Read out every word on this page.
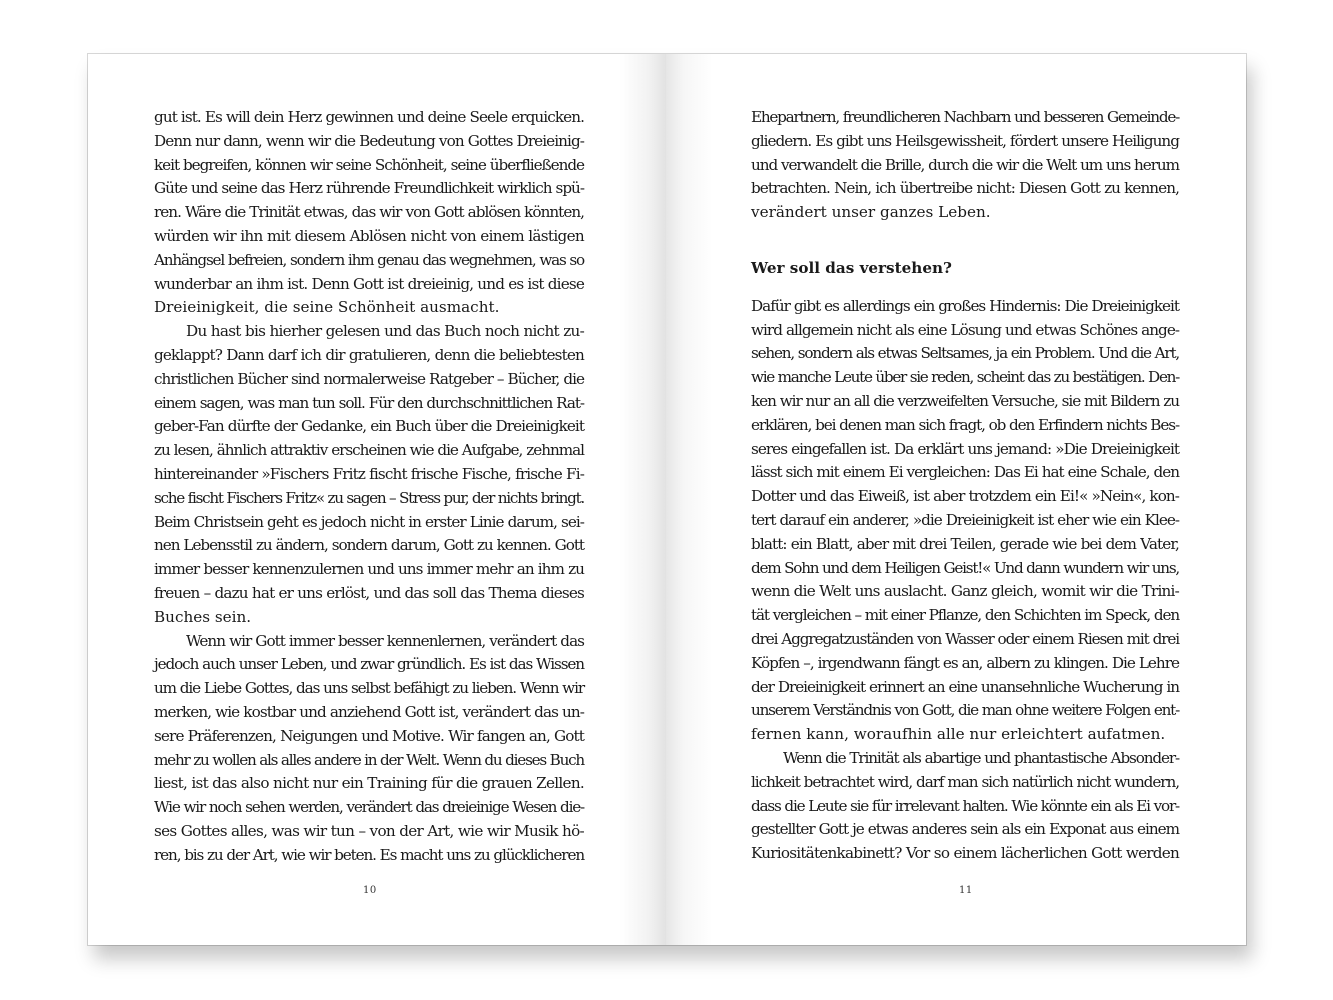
gut ist. Es will dein Herz gewinnen und deine Seele erquicken.
Denn nur dann, wenn wir die Bedeutung von Gottes Dreieinig-
keit begreifen, können wir seine Schönheit, seine überfließende
Güte und seine das Herz rührende Freundlichkeit wirklich spü-
ren. Wäre die Trinität etwas, das wir von Gott ablösen könnten,
würden wir ihn mit diesem Ablösen nicht von einem lästigen
Anhängsel befreien, sondern ihm genau das wegnehmen, was so
wunderbar an ihm ist. Denn Gott ist dreieinig, und es ist diese
Dreieinigkeit, die seine Schönheit ausmacht.
Du hast bis hierher gelesen und das Buch noch nicht zu-
geklappt? Dann darf ich dir gratulieren, denn die beliebtesten
christlichen Bücher sind normalerweise Ratgeber – Bücher, die
einem sagen, was man tun soll. Für den durchschnittlichen Rat-
geber-Fan dürfte der Gedanke, ein Buch über die Dreieinigkeit
zu lesen, ähnlich attraktiv erscheinen wie die Aufgabe, zehnmal
hintereinander »Fischers Fritz fischt frische Fische, frische Fi-
sche fischt Fischers Fritz« zu sagen – Stress pur, der nichts bringt.
Beim Christsein geht es jedoch nicht in erster Linie darum, sei-
nen Lebensstil zu ändern, sondern darum, Gott zu kennen. Gott
immer besser kennenzulernen und uns immer mehr an ihm zu
freuen – dazu hat er uns erlöst, und das soll das Thema dieses
Buches sein.
Wenn wir Gott immer besser kennenlernen, verändert das
jedoch auch unser Leben, und zwar gründlich. Es ist das Wissen
um die Liebe Gottes, das uns selbst befähigt zu lieben. Wenn wir
merken, wie kostbar und anziehend Gott ist, verändert das un-
sere Präferenzen, Neigungen und Motive. Wir fangen an, Gott
mehr zu wollen als alles andere in der Welt. Wenn du dieses Buch
liest, ist das also nicht nur ein Training für die grauen Zellen.
Wie wir noch sehen werden, verändert das dreieinige Wesen die-
ses Gottes alles, was wir tun – von der Art, wie wir Musik hö-
ren, bis zu der Art, wie wir beten. Es macht uns zu glücklicheren
10
Ehepartnern, freundlicheren Nachbarn und besseren Gemeinde-
gliedern. Es gibt uns Heilsgewissheit, fördert unsere Heiligung
und verwandelt die Brille, durch die wir die Welt um uns herum
betrachten. Nein, ich übertreibe nicht: Diesen Gott zu kennen,
verändert unser ganzes Leben.
Wer soll das verstehen?
Dafür gibt es allerdings ein großes Hindernis: Die Dreieinigkeit
wird allgemein nicht als eine Lösung und etwas Schönes ange-
sehen, sondern als etwas Seltsames, ja ein Problem. Und die Art,
wie manche Leute über sie reden, scheint das zu bestätigen. Den-
ken wir nur an all die verzweifelten Versuche, sie mit Bildern zu
erklären, bei denen man sich fragt, ob den Erfindern nichts Bes-
seres eingefallen ist. Da erklärt uns jemand: »Die Dreieinigkeit
lässt sich mit einem Ei vergleichen: Das Ei hat eine Schale, den
Dotter und das Eiweiß, ist aber trotzdem ein Ei!« »Nein«, kon-
tert darauf ein anderer, »die Dreieinigkeit ist eher wie ein Klee-
blatt: ein Blatt, aber mit drei Teilen, gerade wie bei dem Vater,
dem Sohn und dem Heiligen Geist!« Und dann wundern wir uns,
wenn die Welt uns auslacht. Ganz gleich, womit wir die Trini-
tät vergleichen – mit einer Pflanze, den Schichten im Speck, den
drei Aggregatzuständen von Wasser oder einem Riesen mit drei
Köpfen –, irgendwann fängt es an, albern zu klingen. Die Lehre
der Dreieinigkeit erinnert an eine unansehnliche Wucherung in
unserem Verständnis von Gott, die man ohne weitere Folgen ent-
fernen kann, woraufhin alle nur erleichtert aufatmen.
Wenn die Trinität als abartige und phantastische Absonder-
lichkeit betrachtet wird, darf man sich natürlich nicht wundern,
dass die Leute sie für irrelevant halten. Wie könnte ein als Ei vor-
gestellter Gott je etwas anderes sein als ein Exponat aus einem
Kuriositätenkabinett? Vor so einem lächerlichen Gott werden
11
